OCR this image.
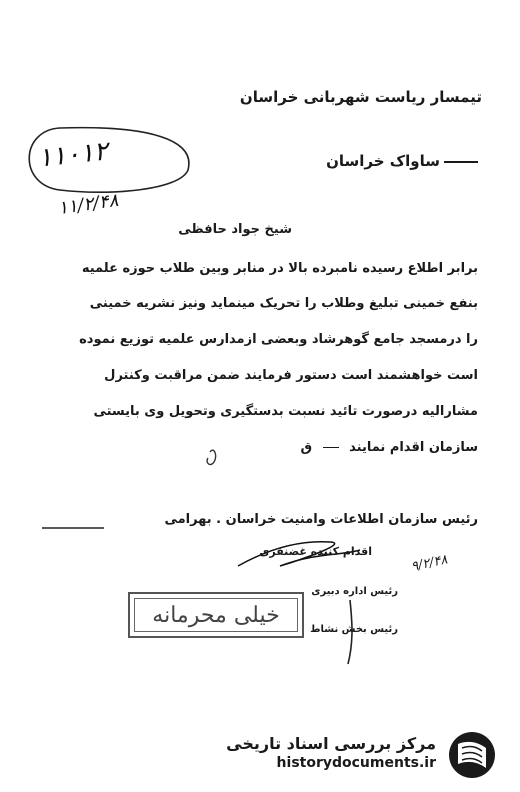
تیمسار ریاست شهربانی خراسان
ساواک خراسان
۱۱۰۱۲
۱۱/۲/۴۸
شیخ جواد حافظی
برابر اطلاع رسیده نامبرده بالا در منابر وبین طلاب حوزه علمیه
بنفع خمینی تبلیغ وطلاب را تحریک مینماید ونیز نشریه خمینی
را درمسجد جامع گوهرشاد وبعضی ازمدارس علمیه توزیع نموده
است خواهشمند است دستور فرمایند ضمن مراقبت وکنترل
مشارالیه درصورت تائید نسبت بدستگیری وتحویل وی بایستی
سازمان اقدام نمایند  ق
رئیس سازمان اطلاعات وامنیت خراسان . بهرامی
اقدام کننده غضنفری
۹/۲/۴۸
رئیس اداره دبیری
رئیس بخش نشاط
خیلی محرمانه
مرکز بررسی اسناد تاریخی
historydocuments.ir
